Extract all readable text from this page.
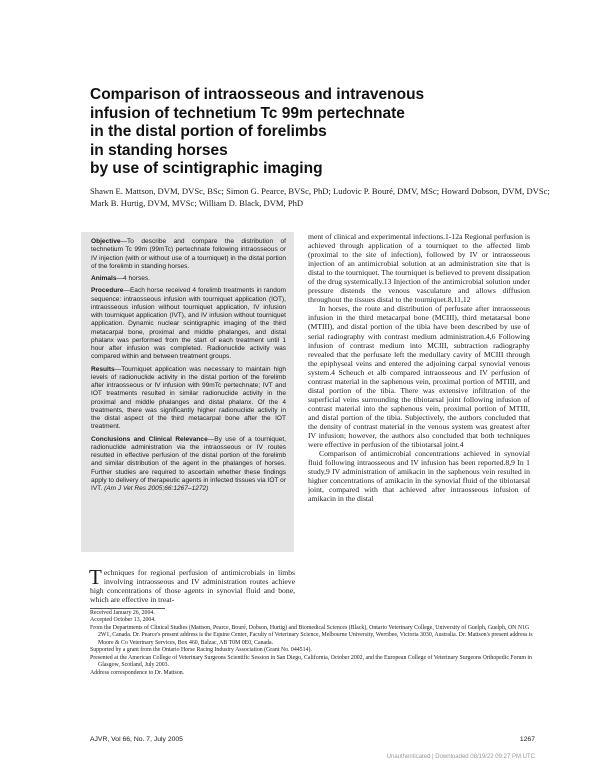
Comparison of intraosseous and intravenous
infusion of technetium Tc 99m pertechnate
in the distal portion of forelimbs
in standing horses
by use of scintigraphic imaging

Shawn E. Mattson, DVM, DVSc, BSc; Simon G. Pearce, BVSc, PhD; Ludovic P. Bouré, DMV, MSc; Howard Dobson, DVM, DVSc; Mark B. Hurtig, DVM, MVSc; William D. Black, DVM, PhD

Objective—To describe and compare the distribution of technetium Tc 99m (99mTc) pertechnate following intraosseous or IV injection (with or without use of a tourniquet) in the distal portion of the forelimb in standing horses.

Animals—4 horses.

Procedure—Each horse received 4 forelimb treatments in random sequence: intraosseous infusion with tourniquet application (IOT), intraosseous infusion without tourniquet application, IV infusion with tourniquet application (IVT), and IV infusion without tourniquet application. Dynamic nuclear scintigraphic imaging of the third metacarpal bone, proximal and middle phalanges, and distal phalanx was performed from the start of each treatment until 1 hour after infusion was completed. Radionuclide activity was compared within and between treatment groups.

Results—Tourniquet application was necessary to maintain high levels of radionuclide activity in the distal portion of the forelimb after intraosseous or IV infusion with 99mTc pertechnate; IVT and IOT treatments resulted in similar radionuclide activity in the proximal and middle phalanges and distal phalanx. Of the 4 treatments, there was significantly higher radionuclide activity in the distal aspect of the third metacarpal bone after the IOT treatment.

Conclusions and Clinical Relevance—By use of a tourniquet, radionuclide administration via the intraosseous or IV routes resulted in effective perfusion of the distal portion of the forelimb and similar distribution of the agent in the phalanges of horses. Further studies are required to ascertain whether these findings apply to delivery of therapeutic agents in infected tissues via IOT or IVT. (Am J Vet Res 2005;66:1267–1272)

Techniques for regional perfusion of antimicrobials in limbs involving intraosseous and IV administration routes achieve high concentrations of those agents in synovial fluid and bone, which are effective in treat-

ment of clinical and experimental infections.1-12a Regional perfusion is achieved through application of a tourniquet to the affected limb (proximal to the site of infection), followed by IV or intraosseous injection of an antimicrobial solution at an administration site that is distal to the tourniquet. The tourniquet is believed to prevent dissipation of the drug systemically.13 Injection of the antimicrobial solution under pressure distends the venous vasculature and allows diffusion throughout the tissues distal to the tourniquet.8,11,12

In horses, the route and distribution of perfusate after intraosseous infusion in the third metacarpal bone (MCIII), third metatarsal bone (MTIII), and distal portion of the tibia have been described by use of serial radiography with contrast medium administration.4,6 Following infusion of contrast medium into MCIII, subtraction radiography revealed that the perfusate left the medullary cavity of MCIII through the epiphyseal veins and entered the adjoining carpal synovial venous system.4 Scheuch et alb compared intraosseous and IV perfusion of contrast material in the saphenous vein, proximal portion of MTIII, and distal portion of the tibia. There was extensive infiltration of the superficial veins surrounding the tibiotarsal joint following infusion of contrast material into the saphenous vein, proximal portion of MTIII, and distal portion of the tibia. Subjectively, the authors concluded that the density of contrast material in the venous system was greatest after IV infusion; however, the authors also concluded that both techniques were effective in perfusion of the tibiotarsal joint.4

Comparison of antimicrobial concentrations achieved in synovial fluid following intraosseous and IV infusion has been reported.8,9 In 1 study,9 IV administration of amikacin in the saphenous vein resulted in higher concentrations of amikacin in the synovial fluid of the tibiotarsal joint, compared with that achieved after intraosseous infusion of amikacin in the distal

Received January 26, 2004.

Accepted October 13, 2004.

From the Departments of Clinical Studies (Mattson, Pearce, Bouré, Dobson, Hurtig) and Biomedical Sciences (Black), Ontario Veterinary College, University of Guelph, Guelph, ON N1G 2W1, Canada. Dr. Pearce's present address is the Equine Center, Faculty of Veterinary Science, Melbourne University, Werribee, Victoria 3030, Australia. Dr. Mattson's present address is Moore & Co Veterinary Services, Box 460, Balzac, AB T0M 0E0, Canada.

Supported by a grant from the Ontario Horse Racing Industry Association (Grant No. 044514).

Presented at the American College of Veterinary Surgeons Scientific Session in San Diego, California, October 2002, and the European College of Veterinary Surgeons Orthopedic Forum in Glasgow, Scotland, July 2003.

Address correspondence to Dr. Mattson.

AJVR, Vol 66, No. 7, July 2005	1267
Unauthenticated | Downloaded 08/19/22 09:27 PM UTC
